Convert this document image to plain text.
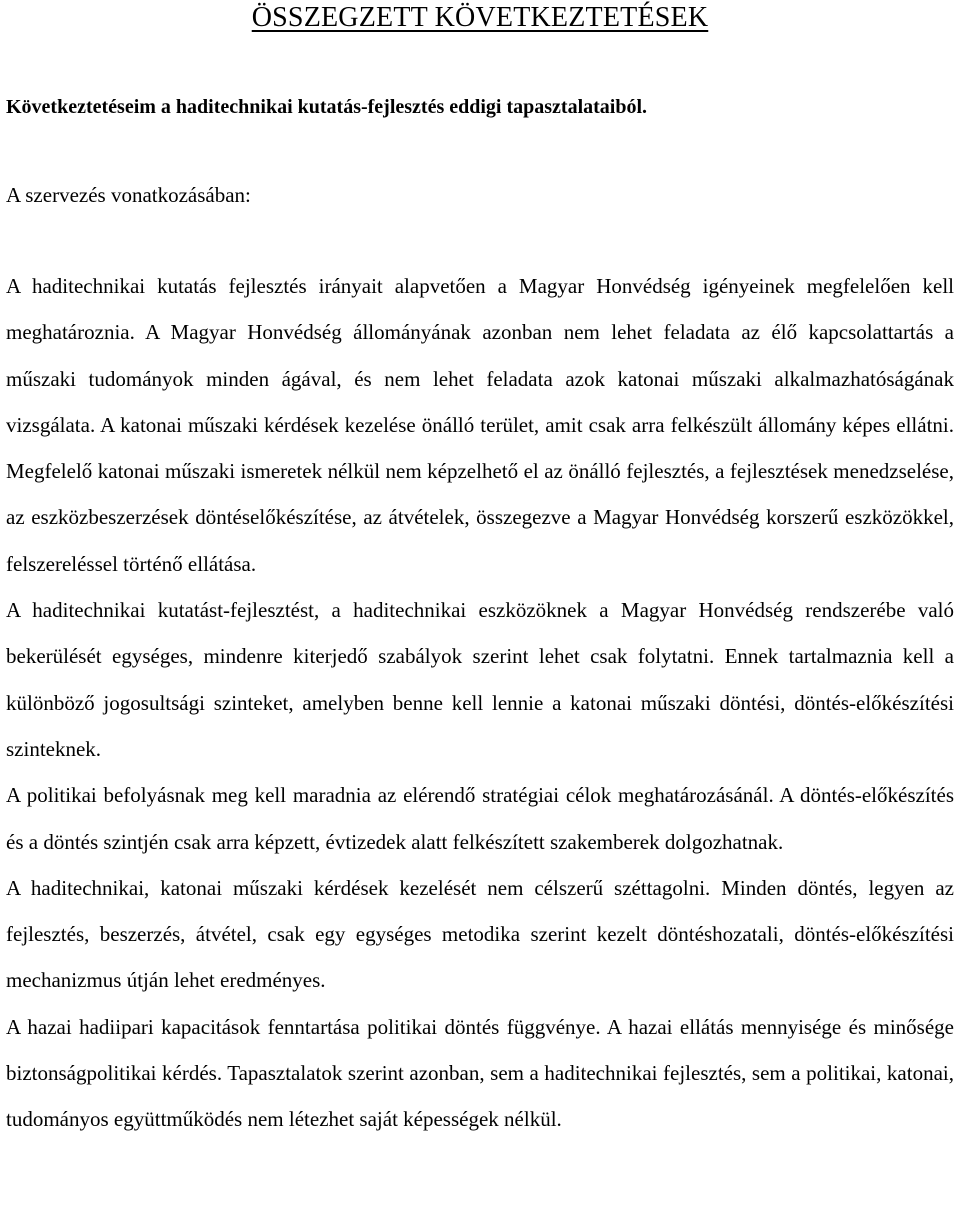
ÖSSZEGZETT KÖVETKEZTETÉSEK

Következtetéseim a haditechnikai kutatás-fejlesztés eddigi tapasztalataiból.

A szervezés vonatkozásában:

A haditechnikai kutatás fejlesztés irányait alapvetően a Magyar Honvédség igényeinek megfelelően kell meghatároznia. A Magyar Honvédség állományának azonban nem lehet feladata az élő kapcsolattartás a műszaki tudományok minden ágával, és nem lehet feladata azok katonai műszaki alkalmazhatóságának vizsgálata. A katonai műszaki kérdések kezelése önálló terület, amit csak arra felkészült állomány képes ellátni. Megfelelő katonai műszaki ismeretek nélkül nem képzelhető el az önálló fejlesztés, a fejlesztések menedzselése, az eszközbeszerzések döntéselőkészítése, az átvételek, összegezve a Magyar Honvédség korszerű eszközökkel, felszereléssel történő ellátása.

A haditechnikai kutatást-fejlesztést, a haditechnikai eszközöknek a Magyar Honvédség rendszerébe való bekerülését egységes, mindenre kiterjedő szabályok szerint lehet csak folytatni. Ennek tartalmaznia kell a különböző jogosultsági szinteket, amelyben benne kell lennie a katonai műszaki döntési, döntés-előkészítési szinteknek.

A politikai befolyásnak meg kell maradnia az elérendő stratégiai célok meghatározásánál. A döntés-előkészítés és a döntés szintjén csak arra képzett, évtizedek alatt felkészített szakemberek dolgozhatnak.

A haditechnikai, katonai műszaki kérdések kezelését nem célszerű széttagolni. Minden döntés, legyen az fejlesztés, beszerzés, átvétel, csak egy egységes metodika szerint kezelt döntéshozatali, döntés-előkészítési mechanizmus útján lehet eredményes.

A hazai hadiipari kapacitások fenntartása politikai döntés függvénye. A hazai ellátás mennyisége és minősége biztonságpolitikai kérdés. Tapasztalatok szerint azonban, sem a haditechnikai fejlesztés, sem a politikai, katonai, tudományos együttműködés nem létezhet saját képességek nélkül.
